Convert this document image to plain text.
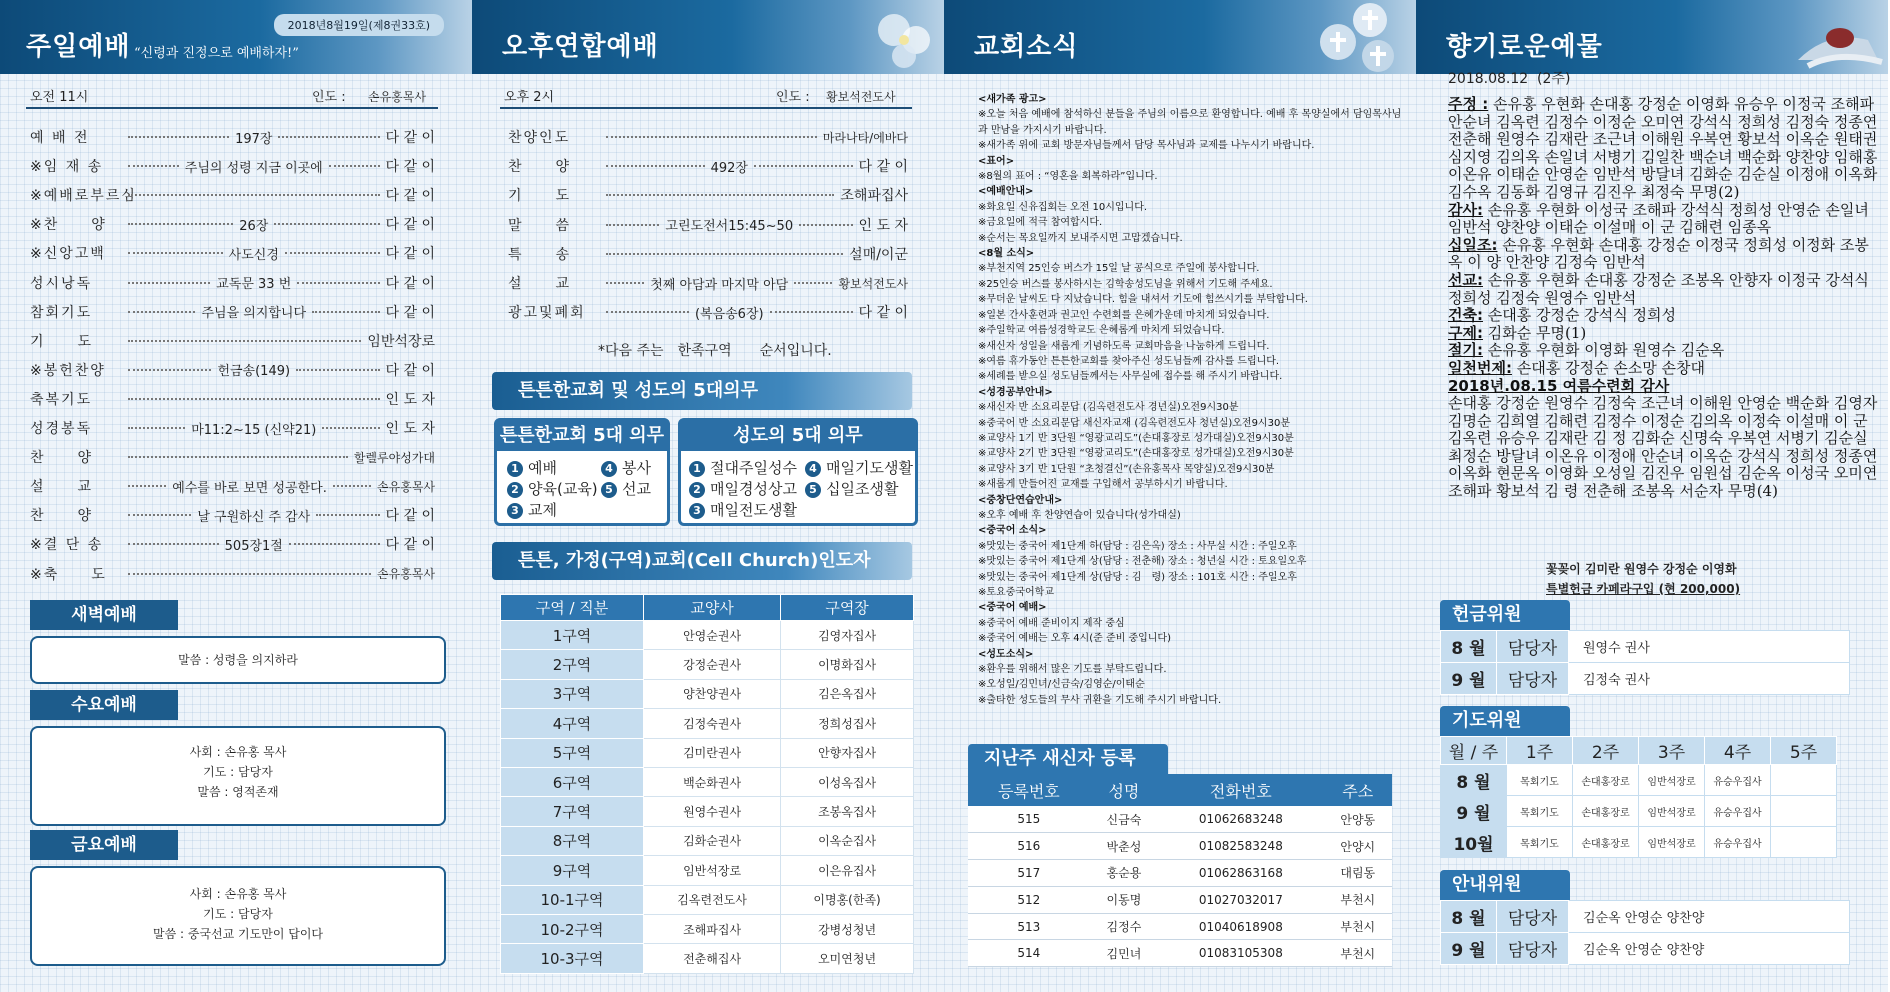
주일예배 “신령과 진정으로 예배하자!”
2018년8월19일(제8권33호)
오전 11시	인도 : 손유홍목사
예 배 전	197장	다 같 이
※임 재 송	주님의 성령 지금 이곳에	다 같 이
※예배로부르심	다 같 이
※찬　　양	26장	다 같 이
※신앙고백	사도신경	다 같 이
성시낭독	교독문 33 번	다 같 이
참회기도	주님을 의지합니다	다 같 이
기　　도	임반석장로
※봉헌찬양	헌금송(149)	다 같 이
축복기도	인 도 자
성경봉독	마11:2~15 (신약21)	인 도 자
찬　　양	할렐루야성가대
설　　교	예수를 바로 보면 성공한다.	손유홍목사
찬　　양	날 구원하신 주 감사	다 같 이
※결 단 송	505장1절	다 같 이
※축　　도	손유홍목사
새벽예배
말씀 : 성령을 의지하라
수요예배
사회 : 손유홍 목사
기도 : 담당자
말씀 : 영적존재
금요예배
사회 : 손유홍 목사
기도 : 담당자
말씀 : 중국선교 기도만이 답이다
오후연합예배
오후 2시	인도 : 황보석전도사
찬양인도	마라나타/에바다
찬　　양	492장	다 같 이
기　　도	조해파집사
말　　씀	고린도전서15:45~50	인 도 자
특　　송	설매/이군
설　　교	첫째 아담과 마지막 아담	황보석전도사
광고및폐회	(복음송6장)	다 같 이
*다음 주는　한족구역　　순서입니다.
튼튼한교회 및 성도의 5대의무
튼튼한교회 5대 의무
1 예배
2 양육(교육)
3 교제
4 봉사
5 선교
성도의 5대 의무
1 절대주일성수
2 매일경성상고
3 매일전도생활
4 매일기도생활
5 십일조생활
튼튼, 가정(구역)교회(Cell Church)인도자
구역 / 직분	교양사	구역장
1구역	안영순권사	김영자집사
2구역	강정순권사	이명화집사
3구역	양찬양권사	김은옥집사
4구역	김정숙권사	정희성집사
5구역	김미란권사	안향자집사
6구역	백순화권사	이성옥집사
7구역	원영수권사	조봉옥집사
8구역	김화순권사	이옥순집사
9구역	임반석장로	이은유집사
10-1구역	김옥련전도사	이명홍(한족)
10-2구역	조해파집사	강병성청년
10-3구역	전춘해집사	오미연청년
교회소식
<새가족 광고>
※오늘 처음 예배에 참석하신 분들을 주님의 이름으로 환영합니다. 예배 후 목양실에서 담임목사님과 만남을 가지시기 바랍니다.
※새가족 위에 교회 방문자님들께서 담당 목사님과 교제를 나누시기 바랍니다.
<표어>
※8월의 표어 : “영혼을 회복하라”입니다.
<예배안내>
※화요일 신유집회는 오전 10시입니다.
※금요일에 적극 참여합시다.
※순서는 목요일까지 보내주시면 고맙겠습니다.
<8월 소식>
※부천지역 25인승 버스가 15일 날 공식으로 주일에 봉사합니다.
※25인승 버스를 봉사하시는 김학송성도님을 위해서 기도해 주세요.
※무더운 날씨도 다 지났습니다. 힘을 내셔서 기도에 힘쓰시기를 부탁합니다.
※일본 간사훈련과 권고인 수련회를 은혜가운데 마치게 되었습니다.
※주일학교 여름성경학교도 은혜롭게 마치게 되었습니다.
※새신자 성일을 새롭게 기념하도록 교회마음을 나눔하게 드립니다.
※여름 휴가동안 튼튼한교회를 찾아주신 성도님들께 감사를 드립니다.
※세례를 받으실 성도님들께서는 사무실에 접수를 해 주시기 바랍니다.
<성경공부안내>
※새신자 반 소요리문답 (김옥련전도사 경년실)오전9시30분
※중국어 반 소요리문답 새신자교재 (김옥련전도사 청년실)오전9시30분
※교양사 1기 반 3단원 “영광교리도”(손대홍장로 성가대실)오전9시30분
※교양사 2기 반 3단원 “영광교리도”(손대홍장로 성가대실)오전9시30분
※교양사 3기 반 1단원 “초청결신”(손유홍목사 목양실)오전9시30분
※새롭게 만들어진 교재를 구입해서 공부하시기 바랍니다.
<중창단연습안내>
※오후 예배 후 찬양연습이 있습니다(성가대실)
<중국어 소식>
※맛있는 중국어 제1단계 하(담당 : 김은옥) 장소 : 사무실 시간 : 주일오후
※맛있는 중국어 제1단계 상(담당 : 전춘해) 장소 : 청년실 시간 : 토요일오후
※맛있는 중국어 제1단계 상(담당 : 김　령) 장소 : 101호 시간 : 주일오후
※토요중국어학교
<중국어 예배>
※중국어 예배 준비이지 제작 중심
※중국어 예배는 오후 4시(준 준비 중입니다)
<성도소식>
※환우를 위해서 많은 기도를 부탁드립니다.
※오성일/김민녀/신금숙/김영순/이태순
※출타한 성도들의 무사 귀환을 기도해 주시기 바랍니다.
지난주 새신자 등록
등록번호	성명	전화번호	주소
515	신금숙	01062683248	안양동
516	박춘성	01082583248	안양시
517	홍순용	01062863168	대림동
512	이동명	01027032017	부천시
513	김정수	01040618908	부천시
514	김민녀	01083105308	부천시
향기로운예물
2018.08.12  (2주)
주정 : 손유홍 우현화 손대홍 강정순 이영화 유승우 이정국 조해파 안순녀 김옥련 김정수 이정순 오미연 강석식 정희성 김정숙 정종연 전춘해 원영수 김재란 조근녀 이해원 우복연 황보석 이옥순 원태권 심지영 김의옥 손일녀 서병기 김일찬 백순녀 백순화 양찬양 임해홍 이온유 이태순 안영순 임반석 방달녀 김화순 김순실 이정애 이옥화 김수옥 김동화 김영규 김진우 최정숙 무명(2)
감사: 손유홍 우현화 이성국 조해파 강석식 정희성 안영순 손일녀 임반석 양찬양 이태순 이설매 이 군 김해련 임종옥
십일조: 손유홍 우현화 손대홍 강정순 이정국 정희성 이정화 조봉옥 이 양 안찬양 김정숙 임반석
선교: 손유홍 우현화 손대홍 강정순 조봉옥 안향자 이정국 강석식 정희성 김정숙 원영수 임반석
건축: 손대홍 강정순 강석식 정희성
구제: 김화순 무명(1)
절기: 손유홍 우현화 이영화 원영수 김순옥
일천번제: 손대홍 강정순 손소망 손창대
2018년.08.15 여름수련회 감사
손대홍 강정순 원영수 김정숙 조근녀 이해원 안영순 백순화 김영자 김명순 김희열 김해련 김정수 이정순 김의옥 이정숙 이설매 이 군 김옥련 유승우 김재란 김 정 김화순 신명숙 우복연 서병기 김순실 최정순 방달녀 이온유 이정애 안순녀 이옥순 강석식 정희성 정종연 이옥화 현문옥 이영화 오성일 김진우 임원섭 김순옥 이성국 오미연 조해파 황보석 김 령 전춘해 조봉옥 서순자 무명(4)
꽃꽂이 김미란 원영수 강정순 이영화
특별헌금 카페라구입 (현 200,000)
헌금위원
8 월	담당자	원영수 권사
9 월	담당자	김정숙 권사
기도위원
월 / 주	1주	2주	3주	4주	5주
8 월	목회기도	손대홍장로	임반석장로	유승우집사	
9 월	목회기도	손대홍장로	임반석장로	유승우집사	
10월	목회기도	손대홍장로	임반석장로	유승우집사	
안내위원
8 월	담당자	김순옥 안영순 양찬양
9 월	담당자	김순옥 안영순 양찬양
